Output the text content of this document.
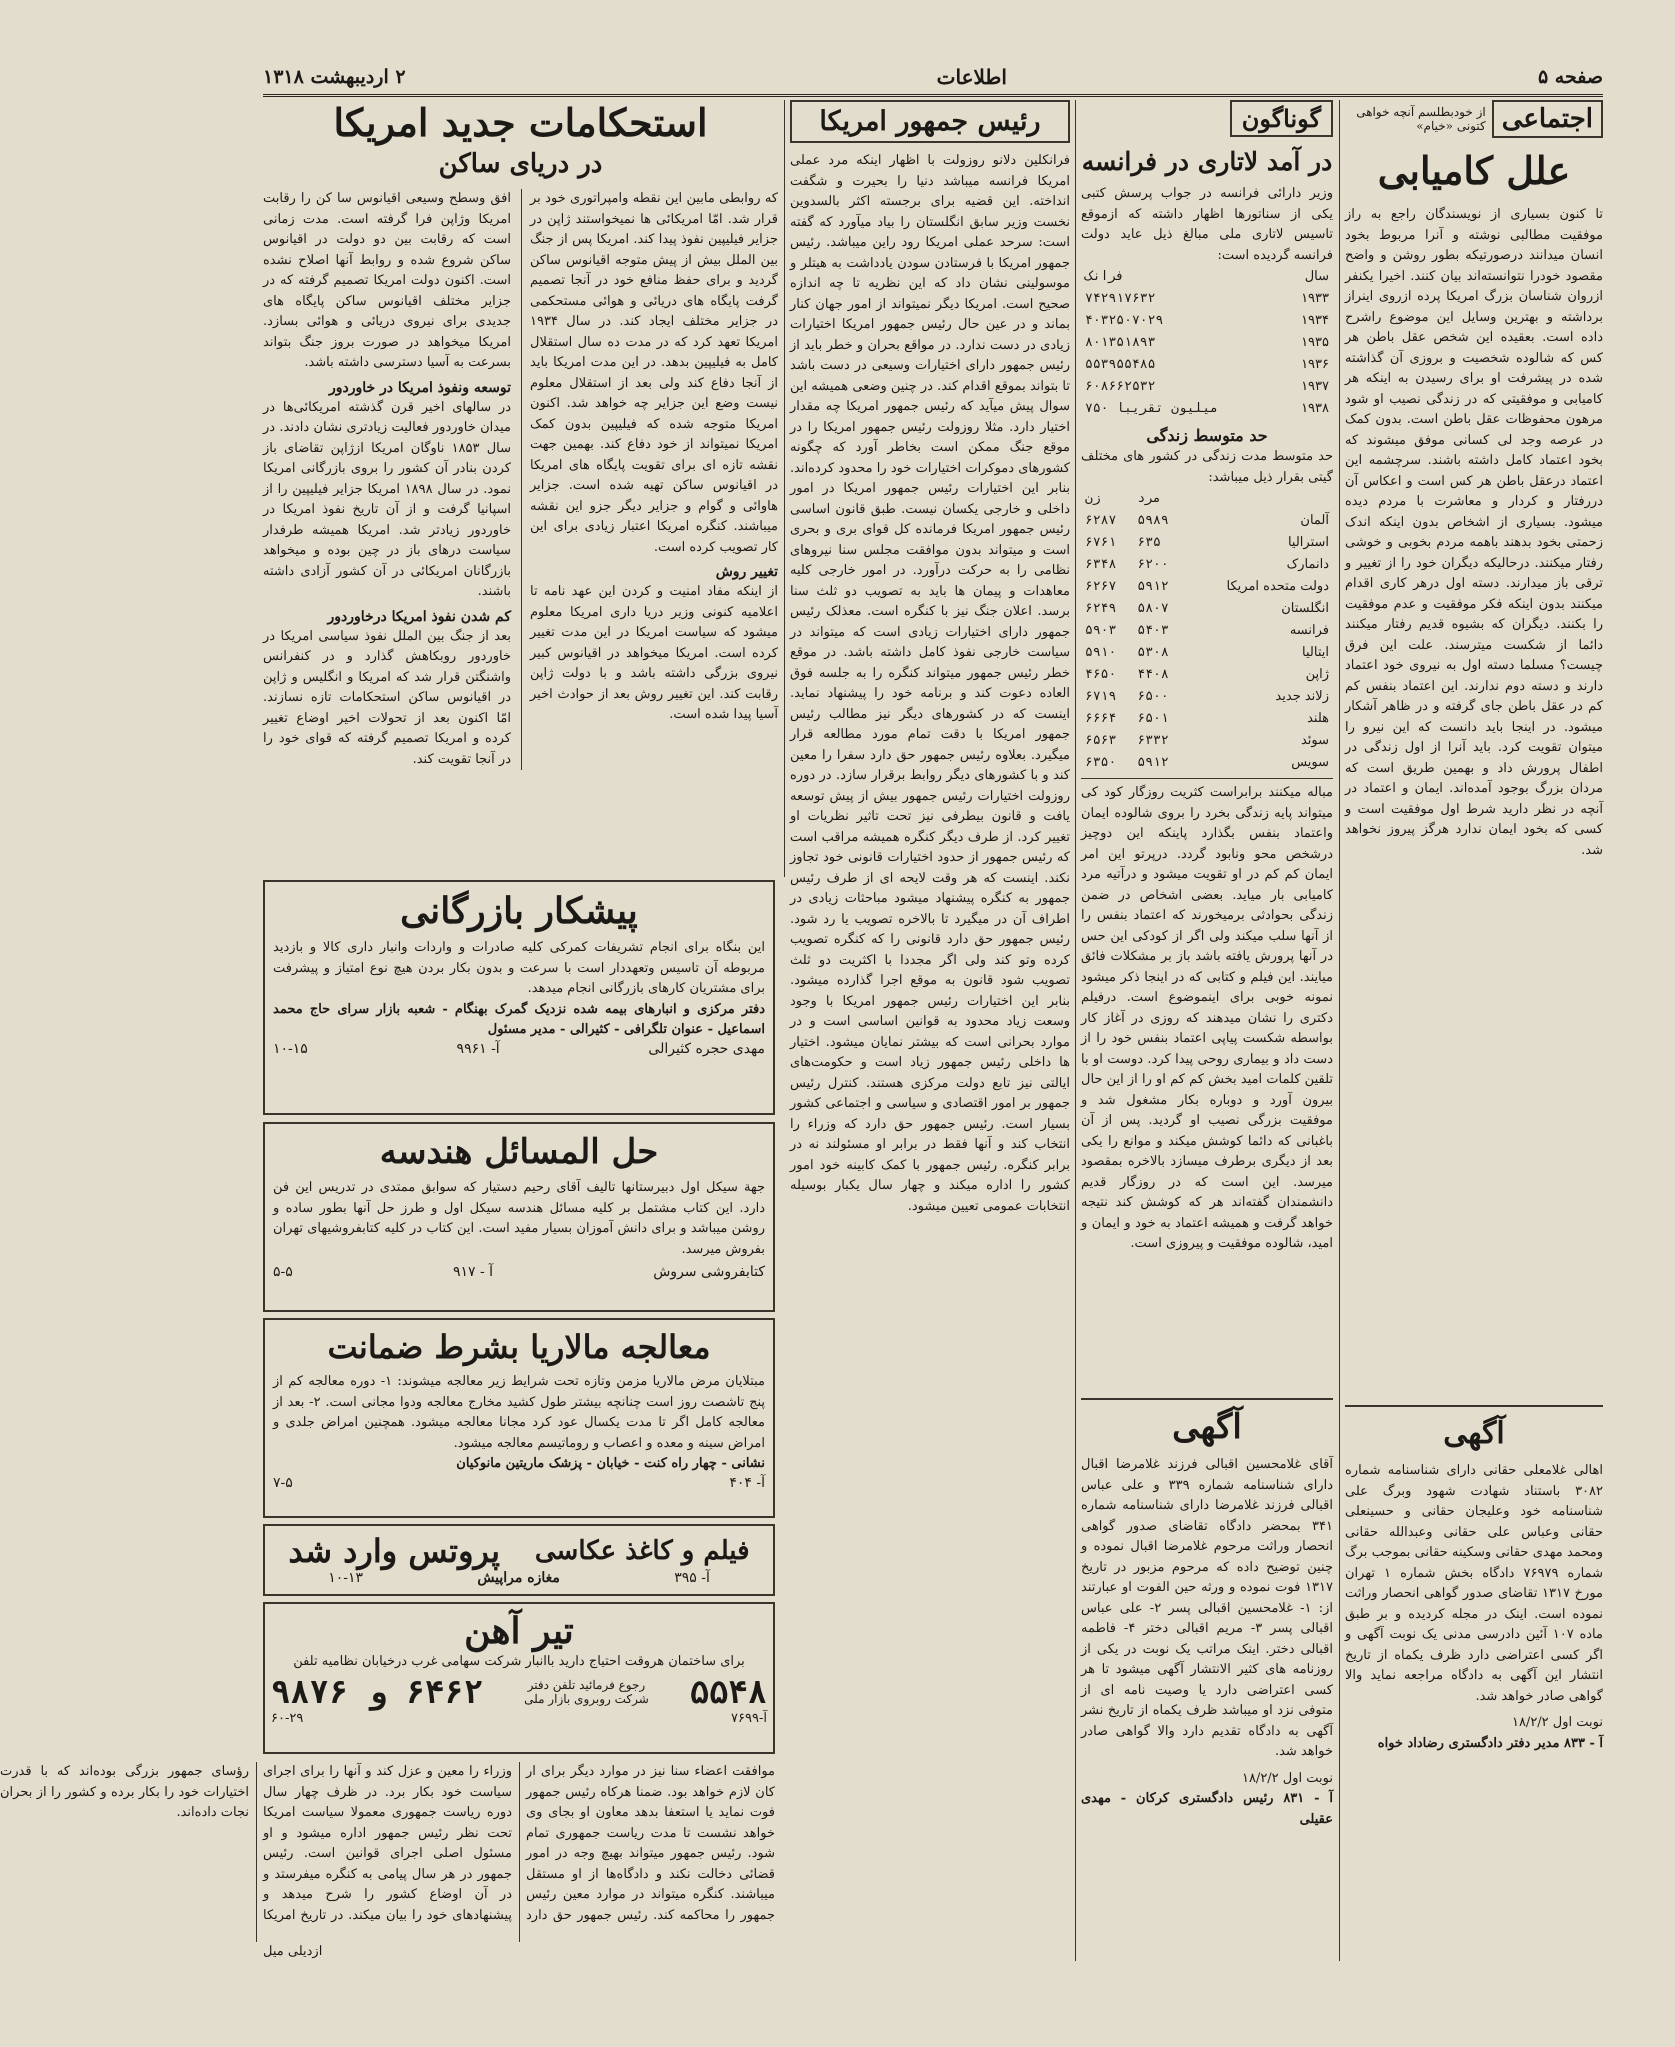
صفحه ۵
اطلاعات
۲ اردیبهشت ۱۳۱۸
اجتماعی
از خودبطلسم آنچه خواهی کتونی «خیام»

علل کامیابی

تا کنون بسیاری از نویسندگان راجع به راز موفقیت مطالبی نوشته و آنرا مربوط بخود انسان میدانند درصورتیکه بطور روشن و واضح مقصود خودرا نتوانسته‌اند بیان کنند. اخیرا یکنفر ازروان شناسان بزرگ امریکا پرده ازروی اینراز برداشته و بهترین وسایل این موضوع راشرح داده است. بعقیده این شخص عقل باطن هر کس که شالوده شخصیت و بروزی آن گذاشته شده در پیشرفت او برای رسیدن به اینکه هر کامیابی و موفقیتی که در زندگی نصیب او شود مرهون محفوظات عقل باطن است. بدون کمک در عرصه وجد لی کسانی موفق میشوند که بخود اعتماد کامل داشته باشند. سرچشمه این اعتماد درعقل باطن هر کس است و اعکاس آن دررفتار و کردار و معاشرت با مردم دیده میشود. بسیاری از اشخاص بدون اینکه اندک زحمتی بخود بدهند باهمه مردم بخوبی و خوشی رفتار میکنند. درحالیکه دیگران خود را از تغییر و ترقی باز میدارند. دسته اول درهر کاری اقدام میکنند بدون اینکه فکر موفقیت و عدم موفقیت را بکنند. دیگران که بشیوه قدیم رفتار میکنند دائما از شکست میترسند. علت این فرق چیست؟ مسلما دسته اول به نیروی خود اعتماد دارند و دسته دوم ندارند. این اعتماد بنفس کم کم در عقل باطن جای گرفته و در ظاهر آشکار میشود. در اینجا باید دانست که این نیرو را میتوان تقویت کرد. باید آنرا از اول زندگی در اطفال پرورش داد و بهمین طریق است که مردان بزرگ بوجود آمده‌اند. ایمان و اعتماد در آنچه در نظر دارید شرط اول موفقیت است و کسی که بخود ایمان ندارد هرگز پیروز نخواهد شد.

آگهی

اهالی غلامعلی حقانی دارای شناسنامه شماره ۳۰۸۲ باستناد شهادت شهود وبرگ علی شناسنامه خود وعلیجان حقانی و حسینعلی حقانی وعباس علی حقانی وعبدالله حقانی ومحمد مهدی حقانی وسکینه حقانی بموجب برگ شماره ۷۶۹۷۹ دادگاه بخش شماره ۱ تهران مورخ ۱۳۱۷ تقاضای صدور گواهی انحصار وراثت نموده است. اینک در مجله کردیده و بر طبق ماده ۱۰۷ آئین دادرسی مدنی یک نوبت آگهی و اگر کسی اعتراضی دارد ظرف یکماه از تاریخ انتشار این آگهی به دادگاه مراجعه نماید والا گواهی صادر خواهد شد.

نوبت اول ۱۸/۲/۲

آ - ۸۳۳ مدیر دفتر دادگستری رضاداد خواه

گوناگون

در آمد لاتاری در فرانسه

وزیر دارائی فرانسه در جواب پرسش کتبی یکی از سناتورها اظهار داشته که ازموقع تاسیس لاتاری ملی مبالغ ذیل عاید دولت فرانسه گردیده است:

فرانک	سال
۷۴۲۹۱۷۶۳۲	۱۹۳۳
۴۰۳۲۵۰۷۰۲۹	۱۹۳۴
۸۰۱۳۵۱۸۹۳	۱۹۳۵
۵۵۳۹۵۵۴۸۵	۱۹۳۶
۶۰۸۶۶۲۵۳۲	۱۹۳۷
۷۵۰ میلیون تقریبا	۱۹۳۸

حد متوسط زندگی

حد متوسط مدت زندگی در کشور های مختلف گیتی بقرار ذیل میباشد:

زن	مرد	
۶۲۸۷	۵۹۸۹	آلمان
۶۷۶۱	۶۳۵	استرالیا
۶۳۴۸	۶۲۰۰	دانمارک
۶۲۶۷	۵۹۱۲	دولت متحده امریکا
۶۲۴۹	۵۸۰۷	انگلستان
۵۹۰۳	۵۴۰۳	فرانسه
۵۹۱۰	۵۳۰۸	ایتالیا
۴۶۵۰	۴۴۰۸	ژاپن
۶۷۱۹	۶۵۰۰	زلاند جدید
۶۶۶۴	۶۵۰۱	هلند
۶۵۶۳	۶۳۳۲	سوئد
۶۳۵۰	۵۹۱۲	سویس

مباله میکنند برابراست کثریت روزگار کود کی میتواند پایه زندگی بخرد را بروی شالوده ایمان واعتماد بنفس بگذارد پاینکه این دوچیز درشخص محو ونابود گردد. درپرتو این امر ایمان کم کم در او تقویت میشود و درآتیه مرد کامیابی بار میاید. بعضی اشخاص در ضمن زندگی بحوادثی برمیخورند که اعتماد بنفس را از آنها سلب میکند ولی اگر از کودکی این حس در آنها پرورش یافته باشد باز بر مشکلات فائق میایند. این فیلم و کتابی که در اینجا ذکر میشود نمونه خوبی برای اینموضوع است. درفیلم دکتری را نشان میدهند که روزی در آغاز کار بواسطه شکست پیاپی اعتماد بنفس خود را از دست داد و بیماری روحی پیدا کرد. دوست او با تلقین کلمات امید بخش کم کم او را از این حال بیرون آورد و دوباره بکار مشغول شد و موفقیت بزرگی نصیب او گردید. پس از آن باغبانی که دائما کوشش میکند و موانع را یکی بعد از دیگری برطرف میسازد بالاخره بمقصود میرسد. این است که در روزگار قدیم دانشمندان گفته‌اند هر که کوشش کند نتیجه خواهد گرفت و همیشه اعتماد به خود و ایمان و امید، شالوده موفقیت و پیروزی است.

آگهی

آقای غلامحسین اقبالی فرزند غلامرضا اقبال دارای شناسنامه شماره ۳۳۹ و علی عباس اقبالی فرزند غلامرضا دارای شناسنامه شماره ۳۴۱ بمحضر دادگاه تقاضای صدور گواهی انحصار وراثت مرحوم غلامرضا اقبال نموده و چنین توضیح داده که مرحوم مزبور در تاریخ ۱۳۱۷ فوت نموده و ورثه حین الفوت او عبارتند از: ۱- غلامحسین اقبالی پسر ۲- علی عباس اقبالی پسر ۳- مریم اقبالی دختر ۴- فاطمه اقبالی دختر. اینک مراتب یک نوبت در یکی از روزنامه های کثیر الانتشار آگهی میشود تا هر کسی اعتراضی دارد یا وصیت نامه ای از متوفی نزد او میباشد ظرف یکماه از تاریخ نشر آگهی به دادگاه تقدیم دارد والا گواهی صادر خواهد شد.

نوبت اول ۱۸/۲/۲

آ - ۸۳۱ رئیس دادگستری کرکان - مهدی عقیلی

رئیس جمهور امریکا

فرانکلین دلانو روزولت با اظهار اینکه مرد عملی امریکا فرانسه میباشد دنیا را بحیرت و شگفت انداخته. این قضیه برای برجسته اکثر بالسدوین نخست وزیر سابق انگلستان را بیاد میآورد که گفته است: سرحد عملی امریکا رود راین میباشد. رئیس جمهور امریکا با فرستادن سودن یادداشت به هیتلر و موسولینی نشان داد که این نظریه تا چه اندازه صحیح است. امریکا دیگر نمیتواند از امور جهان کنار بماند و در عین حال رئیس جمهور امریکا اختیارات زیادی در دست ندارد. در مواقع بحران و خطر باید از رئیس جمهور دارای اختیارات وسیعی در دست باشد تا بتواند بموقع اقدام کند. در چنین وضعی همیشه این سوال پیش میآید که رئیس جمهور امریکا چه مقدار اختیار دارد. مثلا روزولت رئیس جمهور امریکا را در موقع جنگ ممکن است بخاطر آورد که چگونه کشورهای دموکرات اختیارات خود را محدود کرده‌اند. بنابر این اختیارات رئیس جمهور امریکا در امور داخلی و خارجی یکسان نیست. طبق قانون اساسی رئیس جمهور امریکا فرمانده کل قوای بری و بحری است و میتواند بدون موافقت مجلس سنا نیروهای نظامی را به حرکت درآورد. در امور خارجی کلیه معاهدات و پیمان ها باید به تصویب دو ثلث سنا برسد. اعلان جنگ نیز با کنگره است. معذلک رئیس جمهور دارای اختیارات زیادی است که میتواند در سیاست خارجی نفوذ کامل داشته باشد. در موقع خطر رئیس جمهور میتواند کنگره را به جلسه فوق العاده دعوت کند و برنامه خود را پیشنهاد نماید. اینست که در کشورهای دیگر نیز مطالب رئیس جمهور امریکا با دقت تمام مورد مطالعه قرار میگیرد. بعلاوه رئیس جمهور حق دارد سفرا را معین کند و با کشورهای دیگر روابط برقرار سازد. در دوره روزولت اختیارات رئیس جمهور بیش از پیش توسعه یافت و قانون بیطرفی نیز تحت تاثیر نظریات او تغییر کرد. از طرف دیگر کنگره همیشه مراقب است که رئیس جمهور از حدود اختیارات قانونی خود تجاوز نکند. اینست که هر وقت لایحه ای از طرف رئیس جمهور به کنگره پیشنهاد میشود مباحثات زیادی در اطراف آن در میگیرد تا بالاخره تصویب یا رد شود. رئیس جمهور حق دارد قانونی را که کنگره تصویب کرده وتو کند ولی اگر مجددا با اکثریت دو ثلث تصویب شود قانون به موقع اجرا گذارده میشود. بنابر این اختیارات رئیس جمهور امریکا با وجود وسعت زیاد محدود به قوانین اساسی است و در موارد بحرانی است که بیشتر نمایان میشود. اختیار ها داخلی رئیس جمهور زیاد است و حکومت‌های ایالتی نیز تابع دولت مرکزی هستند. کنترل رئیس جمهور بر امور اقتصادی و سیاسی و اجتماعی کشور بسیار است. رئیس جمهور حق دارد که وزراء را انتخاب کند و آنها فقط در برابر او مسئولند نه در برابر کنگره. رئیس جمهور با کمک کابینه خود امور کشور را اداره میکند و چهار سال یکبار بوسیله انتخابات عمومی تعیین میشود.

استحکامات جدید امریکا

در دریای ساکن

که روابطی مابین این نقطه وامپراتوری خود بر قرار شد. امّا امریکائی ها نمیخواستند ژاپن در جزایر فیلیپین نفوذ پیدا کند. امریکا پس از جنگ بین الملل بیش از پیش متوجه اقیانوس ساکن گردید و برای حفظ منافع خود در آنجا تصمیم گرفت پایگاه های دریائی و هوائی مستحکمی در جزایر مختلف ایجاد کند. در سال ۱۹۳۴ امریکا تعهد کرد که در مدت ده سال استقلال کامل به فیلیپین بدهد. در این مدت امریکا باید از آنجا دفاع کند ولی بعد از استقلال معلوم نیست وضع این جزایر چه خواهد شد. اکنون امریکا متوجه شده که فیلیپین بدون کمک امریکا نمیتواند از خود دفاع کند. بهمین جهت نقشه تازه ای برای تقویت پایگاه های امریکا در اقیانوس ساکن تهیه شده است. جزایر هاوائی و گوام و جزایر دیگر جزو این نقشه میباشند. کنگره امریکا اعتبار زیادی برای این کار تصویب کرده است.

تغییر روش

از اینکه مفاد امنیت و کردن این عهد نامه تا اعلامیه کنونی وزیر دریا داری امریکا معلوم میشود که سیاست امریکا در این مدت تغییر کرده است. امریکا میخواهد در اقیانوس کبیر نیروی بزرگی داشته باشد و با دولت ژاپن رقابت کند. این تغییر روش بعد از حوادث اخیر آسیا پیدا شده است.

افق وسطح وسیعی اقیانوس سا ‌کن را رقابت امریکا وژاپن فرا گرفته است. مدت زمانی است که رقابت بین دو دولت در اقیانوس ساکن شروع شده و روابط آنها اصلاح نشده است. اکنون دولت امریکا تصمیم گرفته که در جزایر مختلف اقیانوس ساکن پایگاه های جدیدی برای نیروی دریائی و هوائی بسازد. امریکا میخواهد در صورت بروز جنگ بتواند بسرعت به آسیا دسترسی داشته باشد.

توسعه ونفوذ امریکا در خاوردور

در سالهای اخیر قرن گذشته امریکائی‌ها در میدان خاوردور فعالیت زیادتری نشان دادند. در سال ۱۸۵۳ ناوگان امریکا ازژاپن تقاضای باز کردن بنادر آن کشور را بروی بازرگانی امریکا نمود. در سال ۱۸۹۸ امریکا جزایر فیلیپین را از اسپانیا گرفت و از آن تاریخ نفوذ امریکا در خاوردور زیادتر شد. امریکا همیشه طرفدار سیاست درهای باز در چین بوده و میخواهد بازرگانان امریکائی در آن کشور آزادی داشته باشند.

کم شدن نفوذ امریکا درخاوردور

بعد از جنگ بین الملل نفوذ سیاسی امریکا در خاوردور روبکاهش گذارد و در کنفرانس واشنگتن قرار شد که امریکا و انگلیس و ژاپن در اقیانوس ساکن استحکامات تازه نسازند. امّا اکنون بعد از تحولات اخیر اوضاع تغییر کرده و امریکا تصمیم گرفته که قوای خود را در آنجا تقویت کند.

پیشکار بازرگانی

این بنگاه برای انجام تشریفات کمرکی کلیه صادرات و واردات وانبار داری کالا و بازدید مربوطه آن تاسیس وتعهددار است با سرعت و بدون بکار بردن هیچ نوع امتیاز و پیشرفت برای مشتریان کارهای بازرگانی انجام میدهد.

دفتر مرکزی و انبارهای بیمه شده نزدیک گمرک بهنگام - شعبه بازار سرای حاج محمد اسماعیل - عنوان تلگرافی - کثیرالی - مدیر مسئول

مهدی حجره کثیرالی
آ- ۹۹۶۱
۱۰-۱۵

حل المسائل هندسه

جهة سیکل اول دبیرستانها تالیف آقای رحیم دستیار که سوابق ممتدی در تدریس این فن دارد. این کتاب مشتمل بر کلیه مسائل هندسه سیکل اول و طرز حل آنها بطور ساده و روشن میباشد و برای دانش آموزان بسیار مفید است. این کتاب در کلیه کتابفروشیهای تهران بفروش میرسد.

کتابفروشی سروش
آ - ۹۱۷
۵-۵

معالجه مالاریا بشرط ضمانت

مبتلایان مرض مالاریا مزمن وتازه تحت شرایط زیر معالجه میشوند: ۱- دوره معالجه کم از پنج تاشصت روز است چنانچه بیشتر طول کشید مخارج معالجه ودوا مجانی است. ۲- بعد از معالجه کامل اگر تا مدت یکسال عود کرد مجانا معالجه میشود. همچنین امراض جلدی و امراض سینه و معده و اعصاب و روماتیسم معالجه میشود.

نشانی - چهار راه کنت - خیابان - پزشک ماریتین مانوکیان

آ- ۴۰۴
۷-۵
فیلم و کاغذ عکاسی
پروتس وارد شد
آ- ۳۹۵
مغازه مراپیش
۱۰-۱۳

تیر آهن

برای ساختمان هروقت احتیاج دارید باانبار شرکت سهامی غرب درخیابان نظامیه تلفن

۵۵۴۸
رجوع فرمائید تلفن دفتر شرکت روبروی بازار ملی
۶۴۶۲ و ۹۸۷۶
آ-۷۶۹۹
۶۰-۲۹

موافقت اعضاء سنا نیز در موارد دیگر برای ار کان لازم خواهد بود. ضمنا هرکاه رئیس جمهور فوت نماید یا استعفا بدهد معاون او بجای وی خواهد نشست تا مدت ریاست جمهوری تمام شود. رئیس جمهور میتواند بهیچ وجه در امور قضائی دخالت نکند و دادگاه‌ها از او مستقل میباشند. کنگره میتواند در موارد معین رئیس جمهور را محاکمه کند. رئیس جمهور حق دارد وزراء را معین و عزل کند و آنها را برای اجرای سیاست خود بکار برد. در ظرف چهار سال دوره ریاست جمهوری معمولا سیاست امریکا تحت نظر رئیس جمهور اداره میشود و او مسئول اصلی اجرای قوانین است. رئیس جمهور در هر سال پیامی به کنگره میفرستد و در آن اوضاع کشور را شرح میدهد و پیشنهادهای خود را بیان میکند. در تاریخ امریکا رؤسای جمهور بزرگی بوده‌اند که با قدرت اختیارات خود را بکار برده و کشور را از بحران نجات داده‌اند.

ازدیلی میل
